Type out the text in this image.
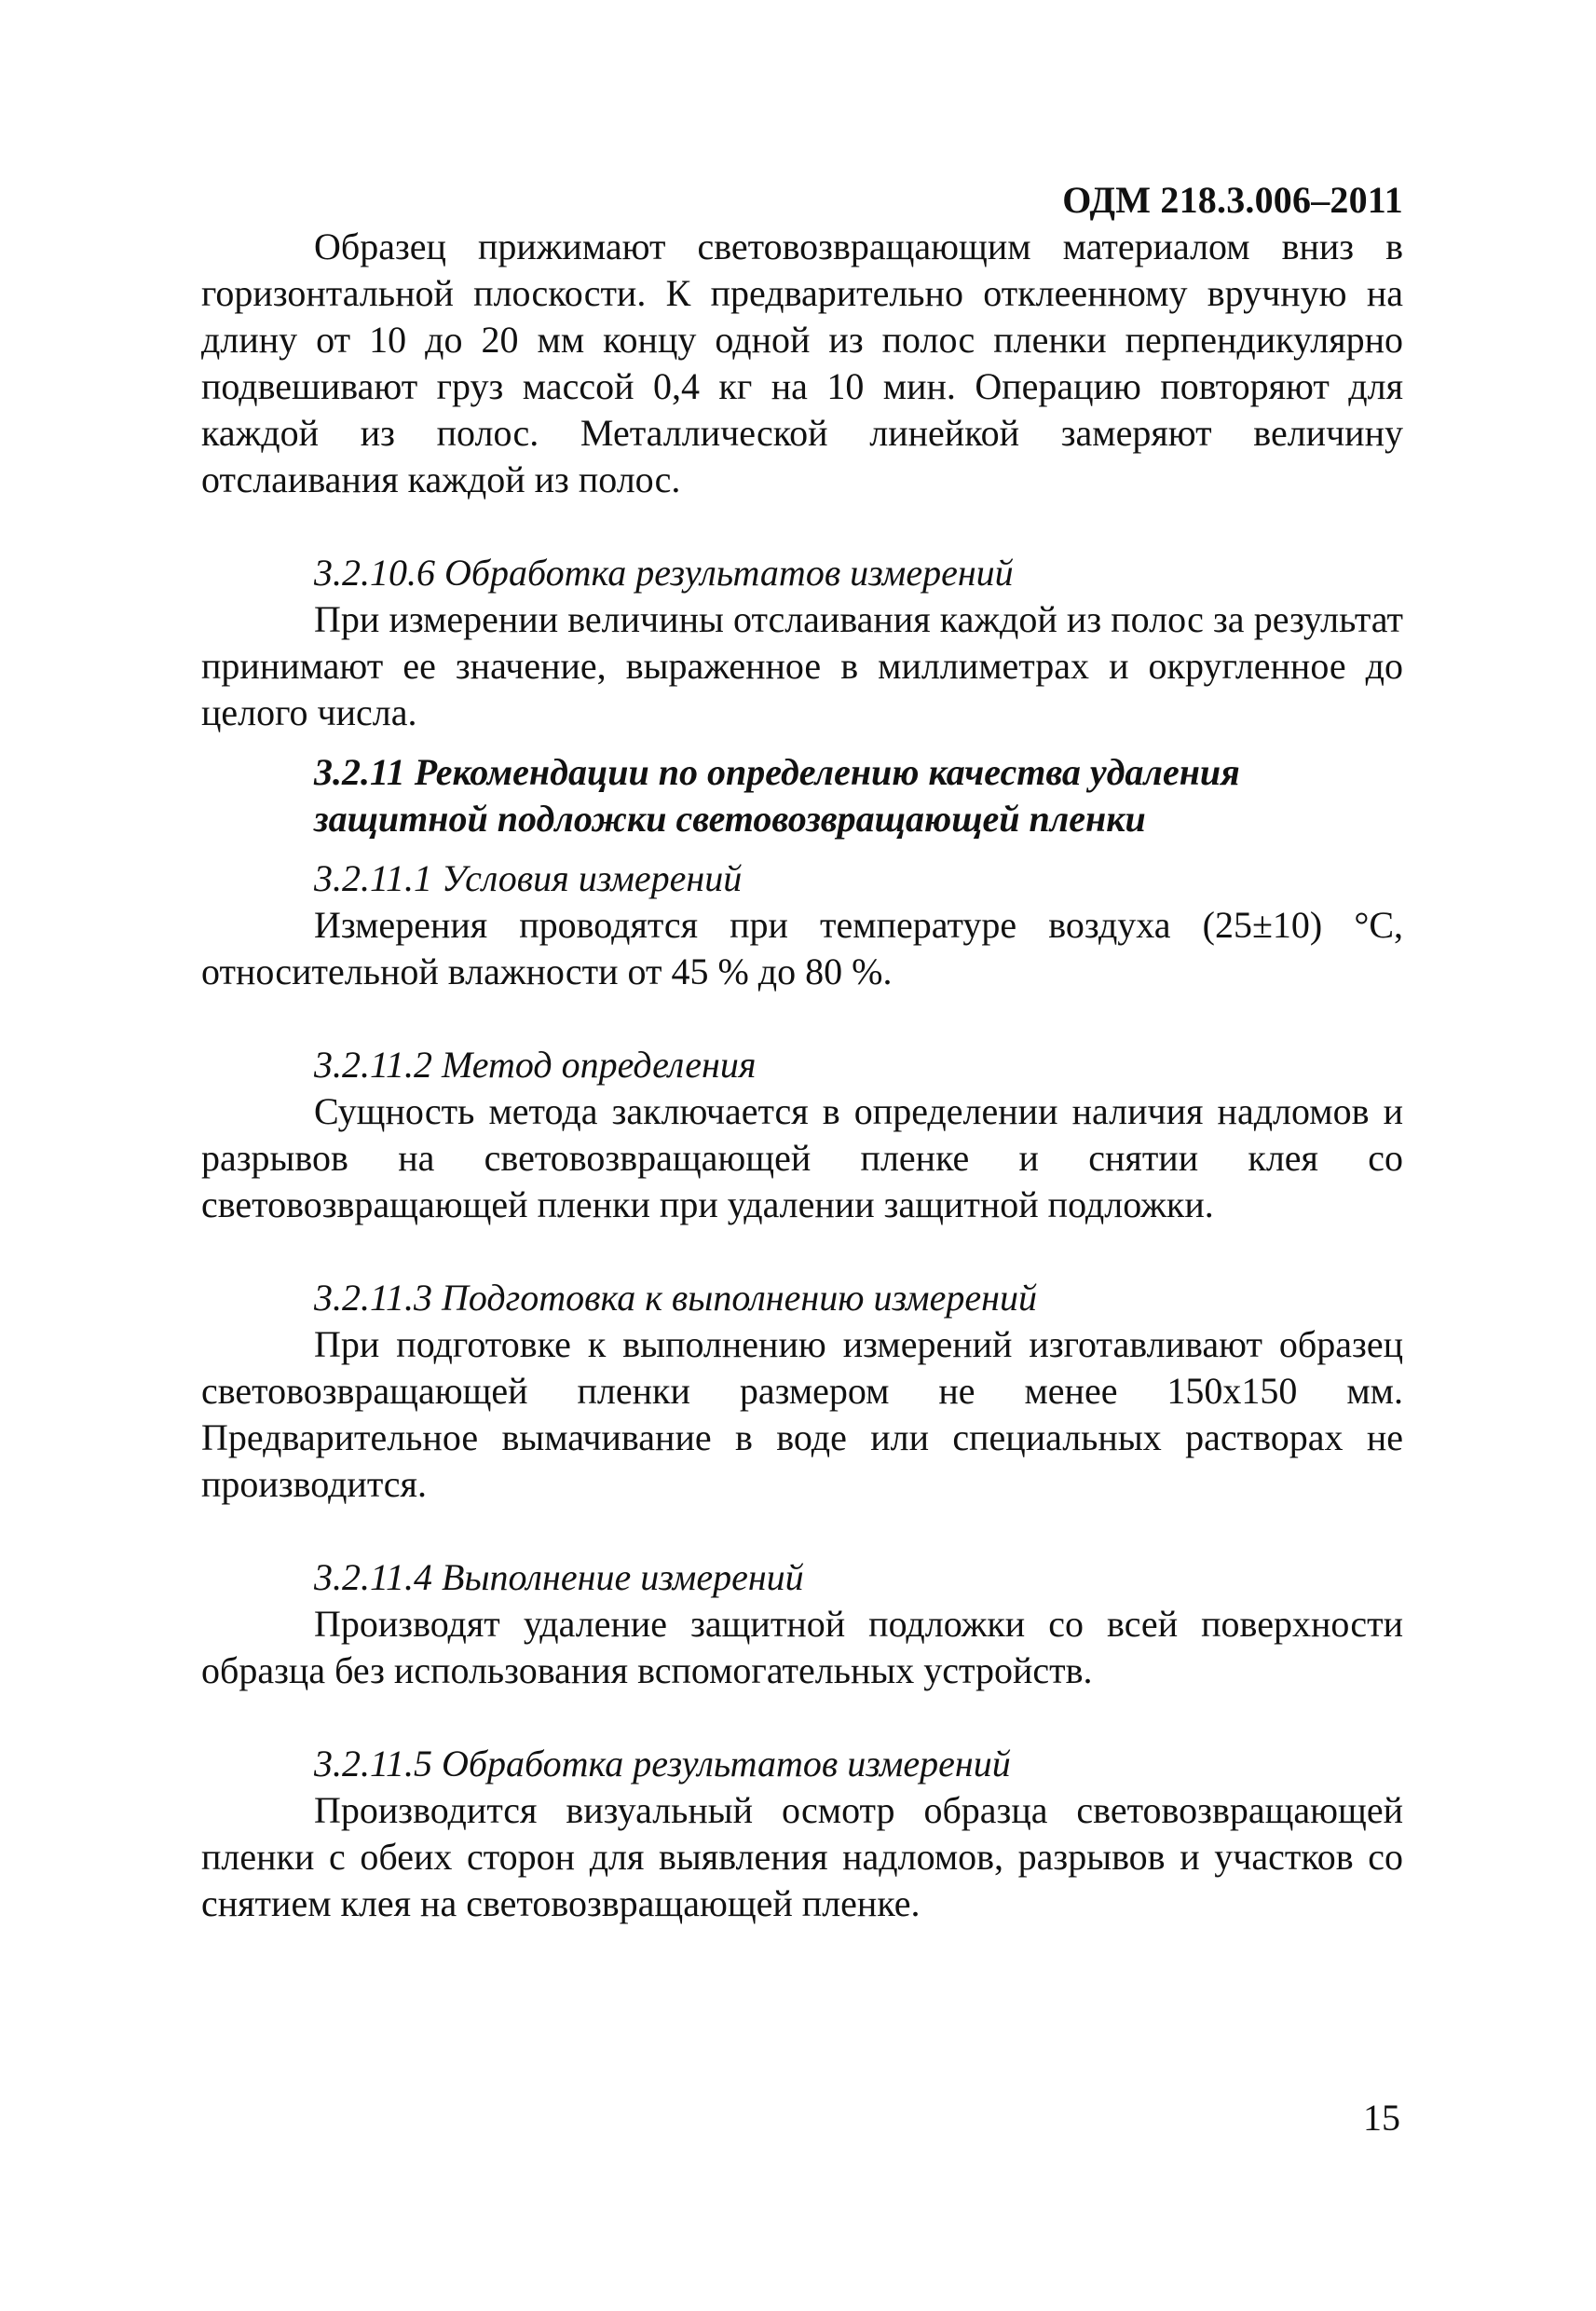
ОДМ 218.3.006–2011

Образец прижимают световозвращающим материалом вниз в горизонтальной плоскости. К предварительно отклеенному вручную на длину от 10 до 20 мм концу одной из полос пленки перпендикулярно подвешивают груз массой 0,4 кг на 10 мин. Операцию повторяют для каждой из полос. Металлической линейкой замеряют величину отслаивания каждой из полос.

3.2.10.6 Обработка результатов измерений

При измерении величины отслаивания каждой из полос за результат принимают ее значение, выраженное в миллиметрах и округленное до целого числа.

3.2.11 Рекомендации по определению качества удаления
защитной подложки световозвращающей пленки
3.2.11.1 Условия измерений

Измерения проводятся при температуре воздуха (25±10) °С, относительной влажности от 45 % до 80 %.

3.2.11.2 Метод определения

Сущность метода заключается в определении наличия надломов и разрывов на световозвращающей пленке и снятии клея со световозвращающей пленки при удалении защитной подложки.

3.2.11.3 Подготовка к выполнению измерений

При подготовке к выполнению измерений изготавливают образец световозвращающей пленки размером не менее 150x150 мм. Предварительное вымачивание в воде или специальных растворах не производится.

3.2.11.4 Выполнение измерений

Производят удаление защитной подложки со всей поверхности образца без использования вспомогательных устройств.

3.2.11.5 Обработка результатов измерений

Производится визуальный осмотр образца световозвращающей пленки с обеих сторон для выявления надломов, разрывов и участков со снятием клея на световозвращающей пленке.

15
